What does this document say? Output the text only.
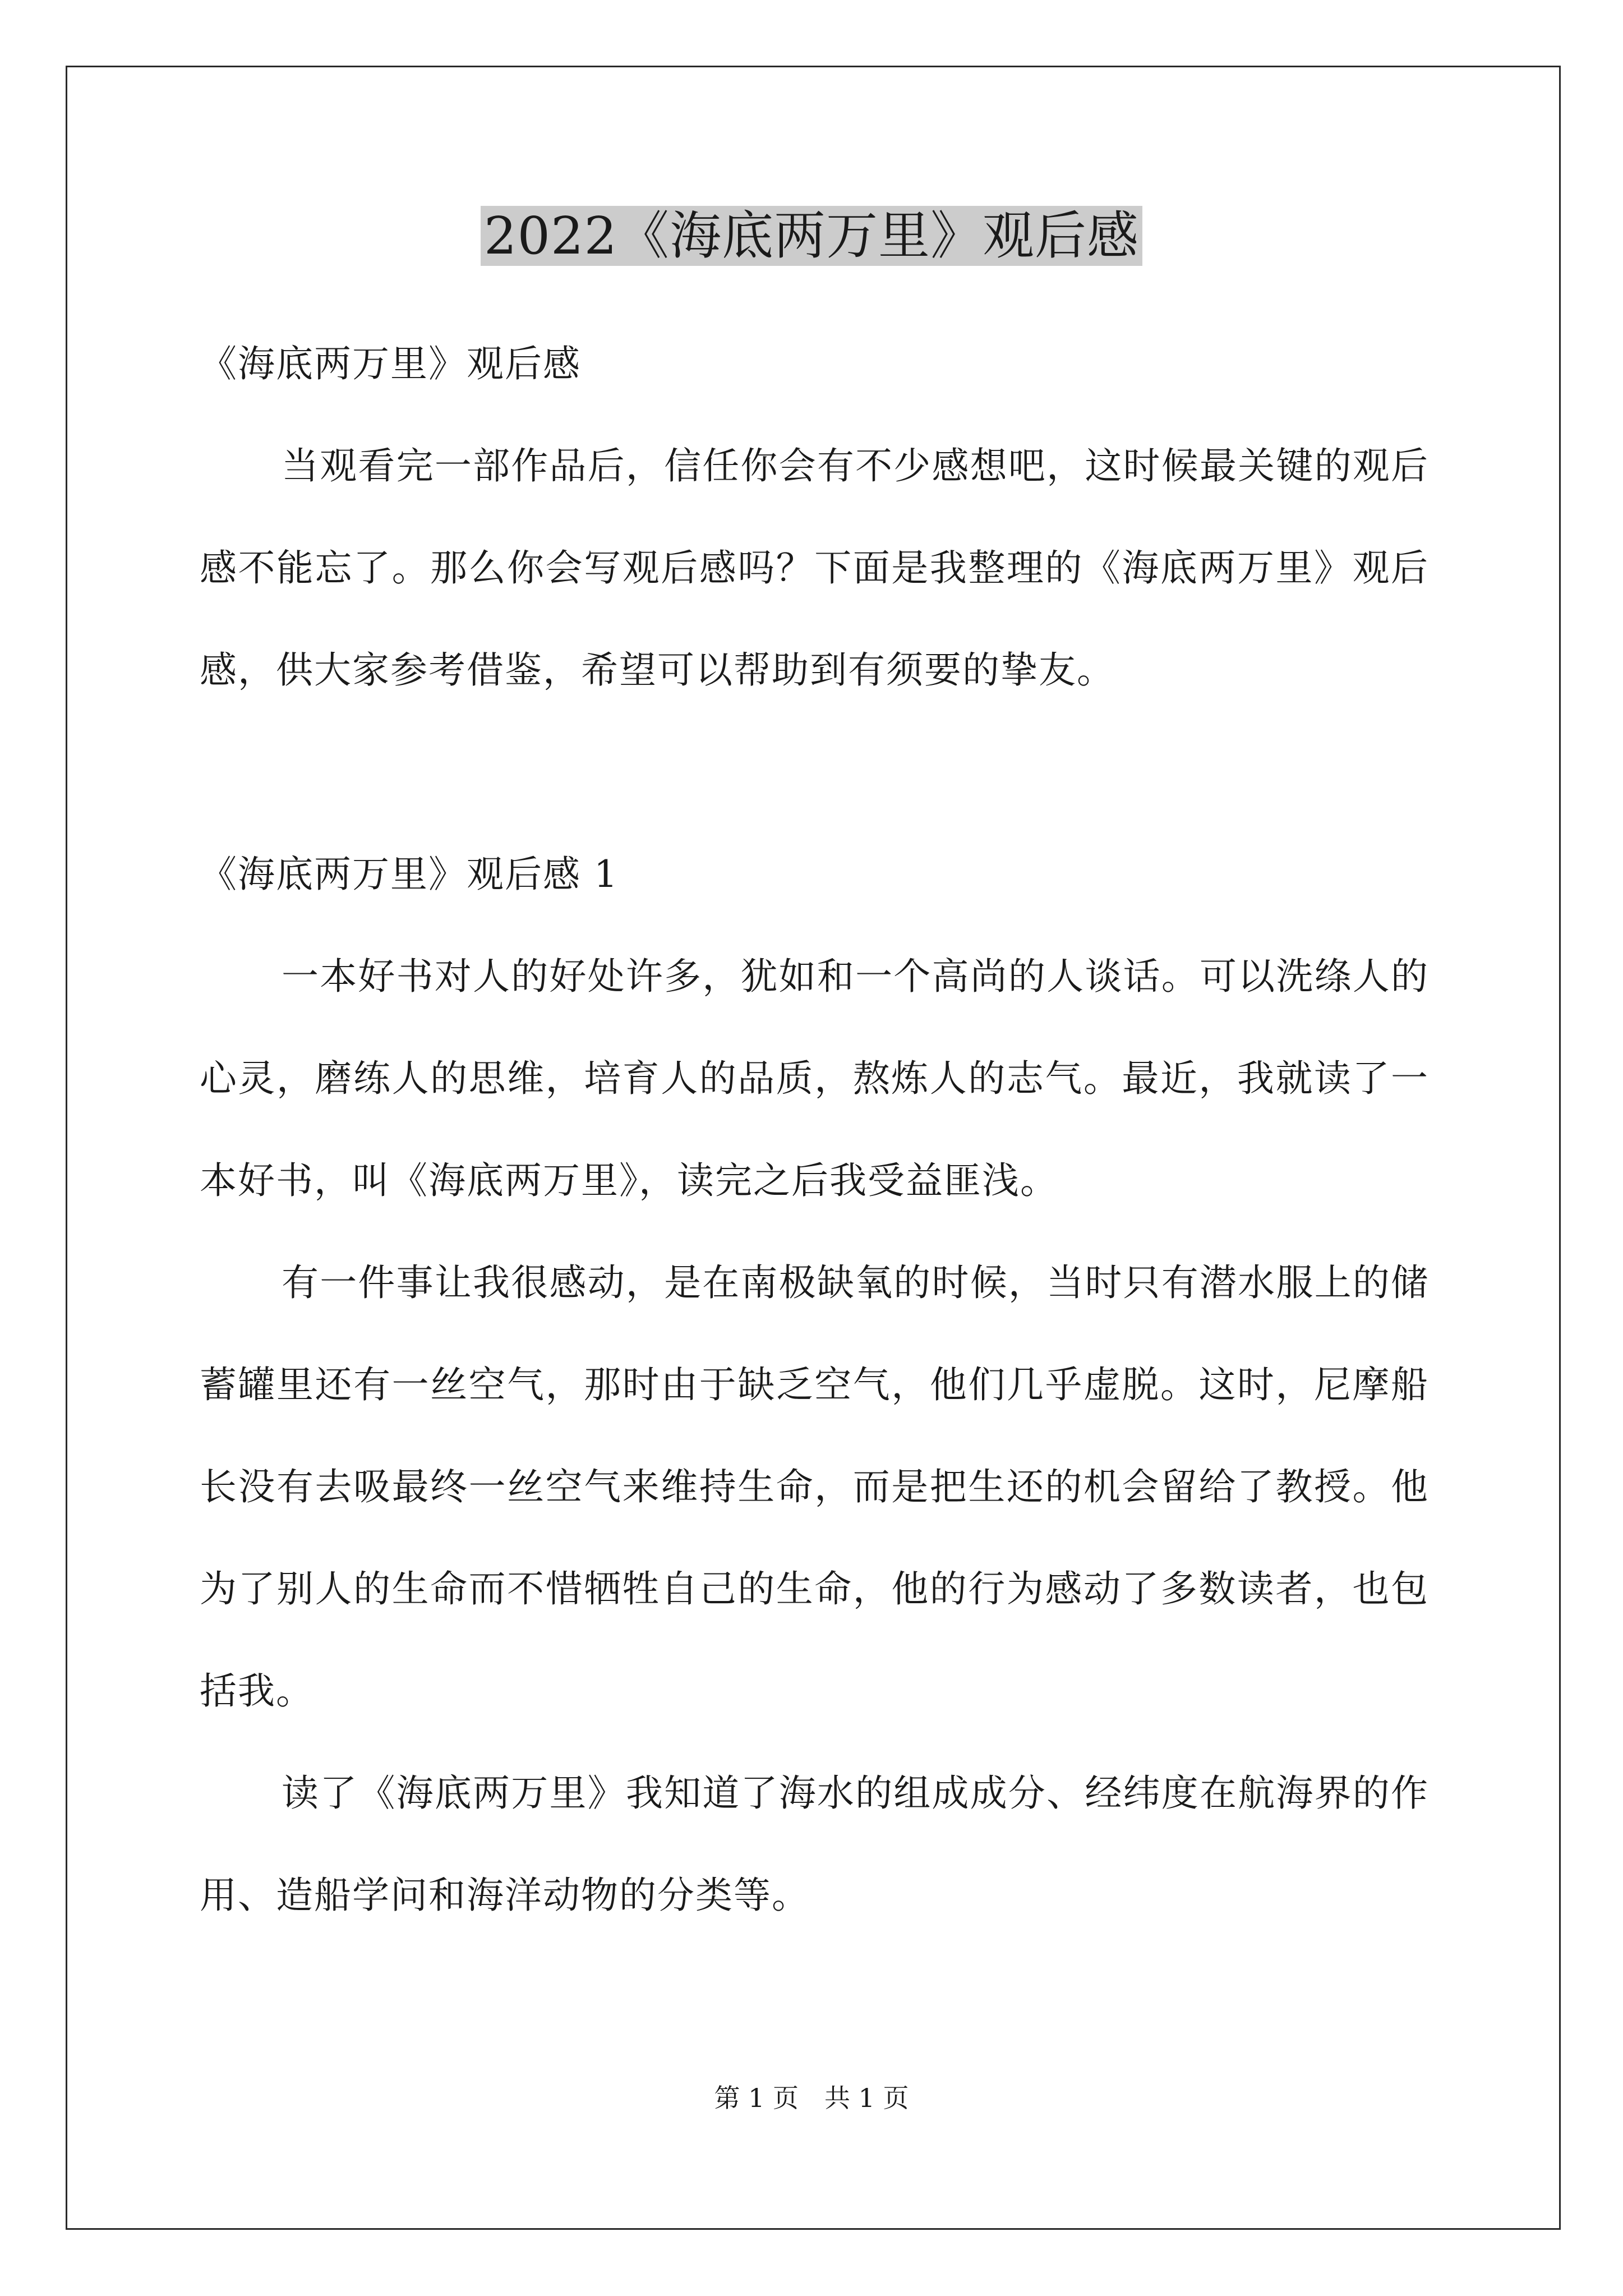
2022《海底两万里》观后感

《海底两万里》观后感

当观看完一部作品后，信任你会有不少感想吧，这时候最关键的观后感不能忘了。那么你会写观后感吗？下面是我整理的《海底两万里》观后感，供大家参考借鉴，希望可以帮助到有须要的挚友。

《海底两万里》观后感 1

一本好书对人的好处许多，犹如和一个高尚的人谈话。可以洗绦人的心灵，磨练人的思维，培育人的品质，熬炼人的志气。最近，我就读了一本好书，叫《海底两万里》，读完之后我受益匪浅。

有一件事让我很感动，是在南极缺氧的时候，当时只有潜水服上的储蓄罐里还有一丝空气，那时由于缺乏空气，他们几乎虚脱。这时，尼摩船长没有去吸最终一丝空气来维持生命，而是把生还的机会留给了教授。他为了别人的生命而不惜牺牲自己的生命，他的行为感动了多数读者，也包括我。

读了《海底两万里》我知道了海水的组成成分、经纬度在航海界的作用、造船学问和海洋动物的分类等。

第 1 页 共 1 页
